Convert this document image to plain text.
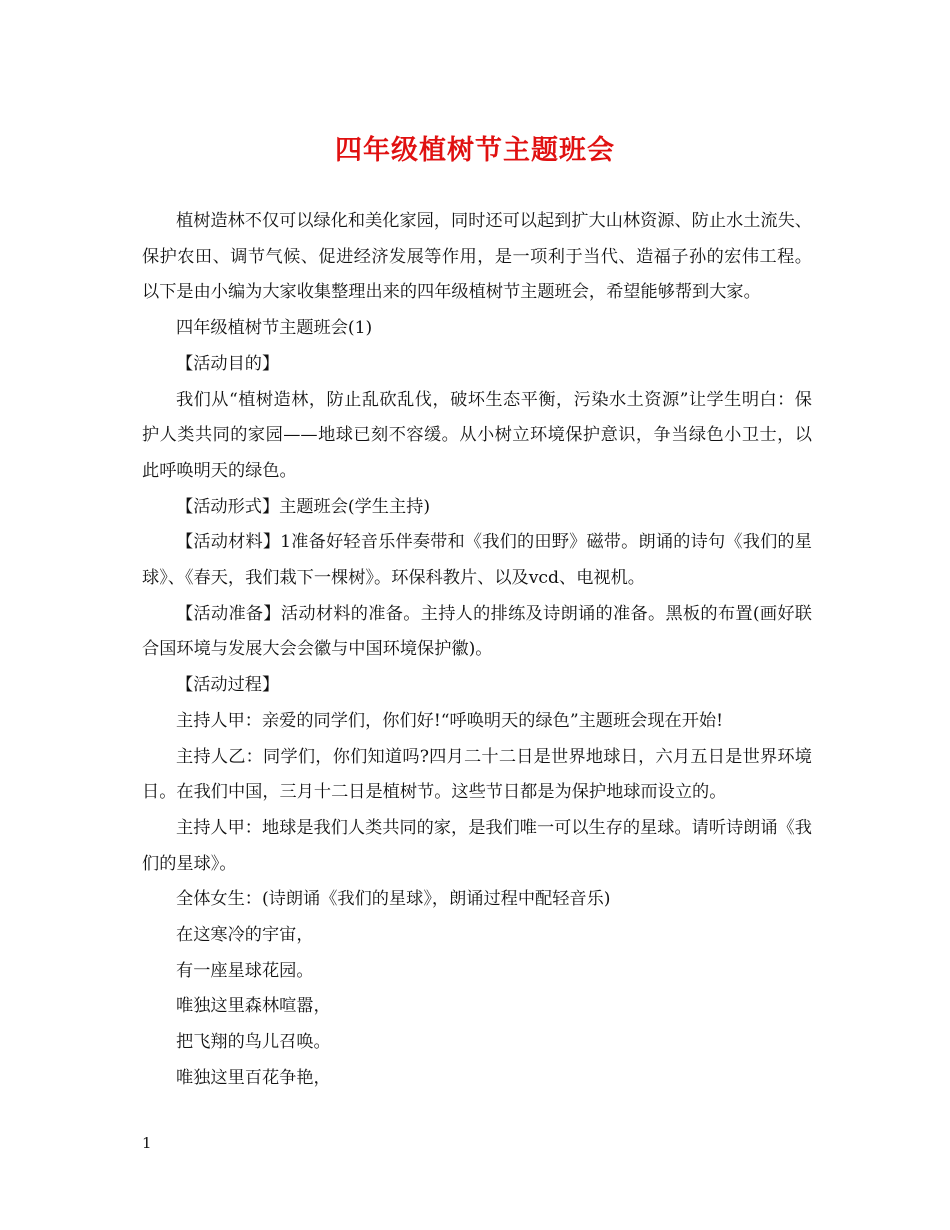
四年级植树节主题班会

植树造林不仅可以绿化和美化家园，同时还可以起到扩大山林资源、防止水土流失、保护农田、调节气候、促进经济发展等作用，是一项利于当代、造福子孙的宏伟工程。以下是由小编为大家收集整理出来的四年级植树节主题班会，希望能够帮到大家。

四年级植树节主题班会(1)

【活动目的】

我们从“植树造林，防止乱砍乱伐，破坏生态平衡，污染水土资源”让学生明白：保护人类共同的家园——地球已刻不容缓。从小树立环境保护意识，争当绿色小卫士，以此呼唤明天的绿色。

【活动形式】主题班会(学生主持)

【活动材料】1准备好轻音乐伴奏带和《我们的田野》磁带。朗诵的诗句《我们的星球》、《春天，我们栽下一棵树》。环保科教片、以及vcd、电视机。

【活动准备】活动材料的准备。主持人的排练及诗朗诵的准备。黑板的布置(画好联合国环境与发展大会会徽与中国环境保护徽)。

【活动过程】

主持人甲：亲爱的同学们，你们好!“呼唤明天的绿色”主题班会现在开始!

主持人乙：同学们，你们知道吗?四月二十二日是世界地球日，六月五日是世界环境日。在我们中国，三月十二日是植树节。这些节日都是为保护地球而设立的。

主持人甲：地球是我们人类共同的家，是我们唯一可以生存的星球。请听诗朗诵《我们的星球》。

全体女生：(诗朗诵《我们的星球》，朗诵过程中配轻音乐)

在这寒冷的宇宙，

有一座星球花园。

唯独这里森林喧嚣，

把飞翔的鸟儿召唤。

唯独这里百花争艳，

1
